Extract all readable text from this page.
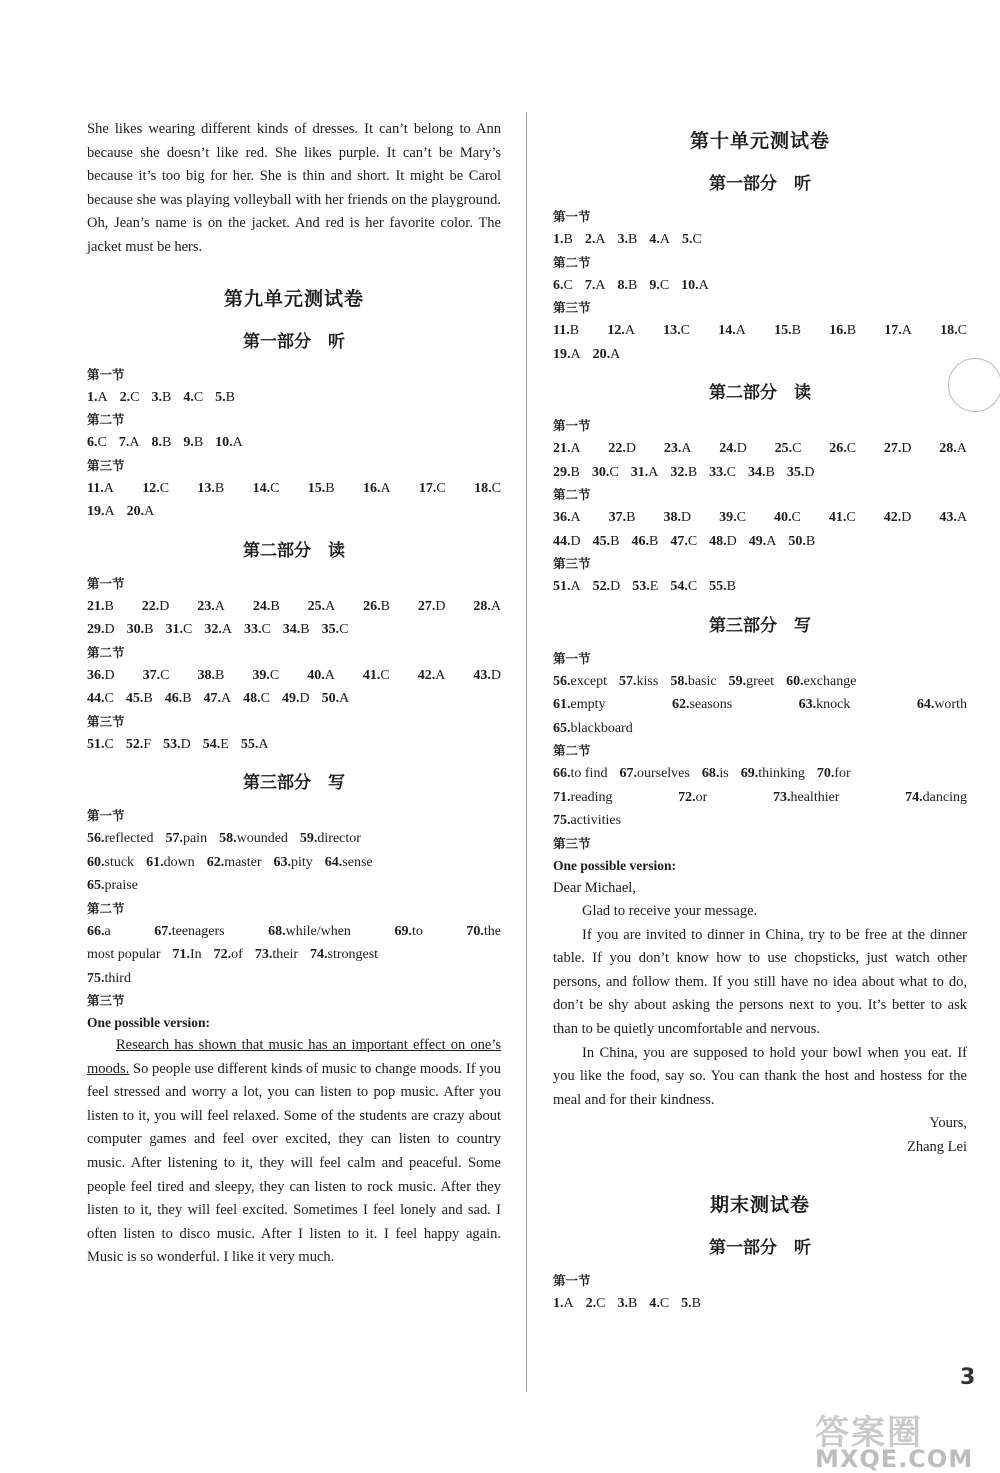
She likes wearing different kinds of dresses. It can’t belong to Ann because she doesn’t like red. She likes purple. It can’t be Mary’s because it’s too big for her. She is thin and short. It might be Carol because she was playing volleyball with her friends on the playground. Oh, Jean’s name is on the jacket. And red is her favorite color. The jacket must be hers.

第九单元测试卷
第一部分　听
第一节
1.A 2.C 3.B 4.C 5.B
第二节
6.C 7.A 8.B 9.B 10.A
第三节
11.A 12.C 13.B 14.C 15.B 16.A 17.C 18.C
19.A 20.A
第二部分　读
第一节
21.B 22.D 23.A 24.B 25.A 26.B 27.D 28.A
29.D 30.B 31.C 32.A 33.C 34.B 35.C
第二节
36.D 37.C 38.B 39.C 40.A 41.C 42.A 43.D
44.C 45.B 46.B 47.A 48.C 49.D 50.A
第三节
51.C 52.F 53.D 54.E 55.A
第三部分　写
第一节
56.reflected 57.pain 58.wounded 59.director
60.stuck 61.down 62.master 63.pity 64.sense
65.praise
第二节
66.a	67.teenagers	68.while/when	69.to	70.the
most popular 71.In 72.of 73.their 74.strongest
75.third
第三节
One possible version:

Research has shown that music has an important effect on one’s moods. So people use different kinds of music to change moods. If you feel stressed and worry a lot, you can listen to pop music. After you listen to it, you will feel relaxed. Some of the students are crazy about computer games and feel over excited, they can listen to country music. After listening to it, they will feel calm and peaceful. Some people feel tired and sleepy, they can listen to rock music. After they listen to it, they will feel excited. Sometimes I feel lonely and sad. I often listen to disco music. After I listen to it. I feel happy again. Music is so wonderful. I like it very much.

第十单元测试卷
第一部分　听
第一节
1.B 2.A 3.B 4.A 5.C
第二节
6.C 7.A 8.B 9.C 10.A
第三节
11.B 12.A 13.C 14.A 15.B 16.B 17.A 18.C
19.A 20.A
第二部分　读
第一节
21.A 22.D 23.A 24.D 25.C 26.C 27.D 28.A
29.B 30.C 31.A 32.B 33.C 34.B 35.D
第二节
36.A 37.B 38.D 39.C 40.C 41.C 42.D 43.A
44.D 45.B 46.B 47.C 48.D 49.A 50.B
第三节
51.A 52.D 53.E 54.C 55.B
第三部分　写
第一节
56.except 57.kiss 58.basic 59.greet 60.exchange
61.empty	62.seasons	63.knock	64.worth
65.blackboard
第二节
66.to find 67.ourselves 68.is 69.thinking 70.for
71.reading	72.or	73.healthier	74.dancing
75.activities
第三节
One possible version:

Dear Michael,

Glad to receive your message.

If you are invited to dinner in China, try to be free at the dinner table. If you don’t know how to use chopsticks, just watch other persons, and follow them. If you still have no idea about what to do, don’t be shy about asking the persons next to you. It’s better to ask than to be quietly uncomfortable and nervous.

In China, you are supposed to hold your bowl when you eat. If you like the food, say so. You can thank the host and hostess for the meal and for their kindness.

Yours,
Zhang Lei
期末测试卷
第一部分　听
第一节
1.A 2.C 3.B 4.C 5.B
3
答案圈
MXQE.COM
